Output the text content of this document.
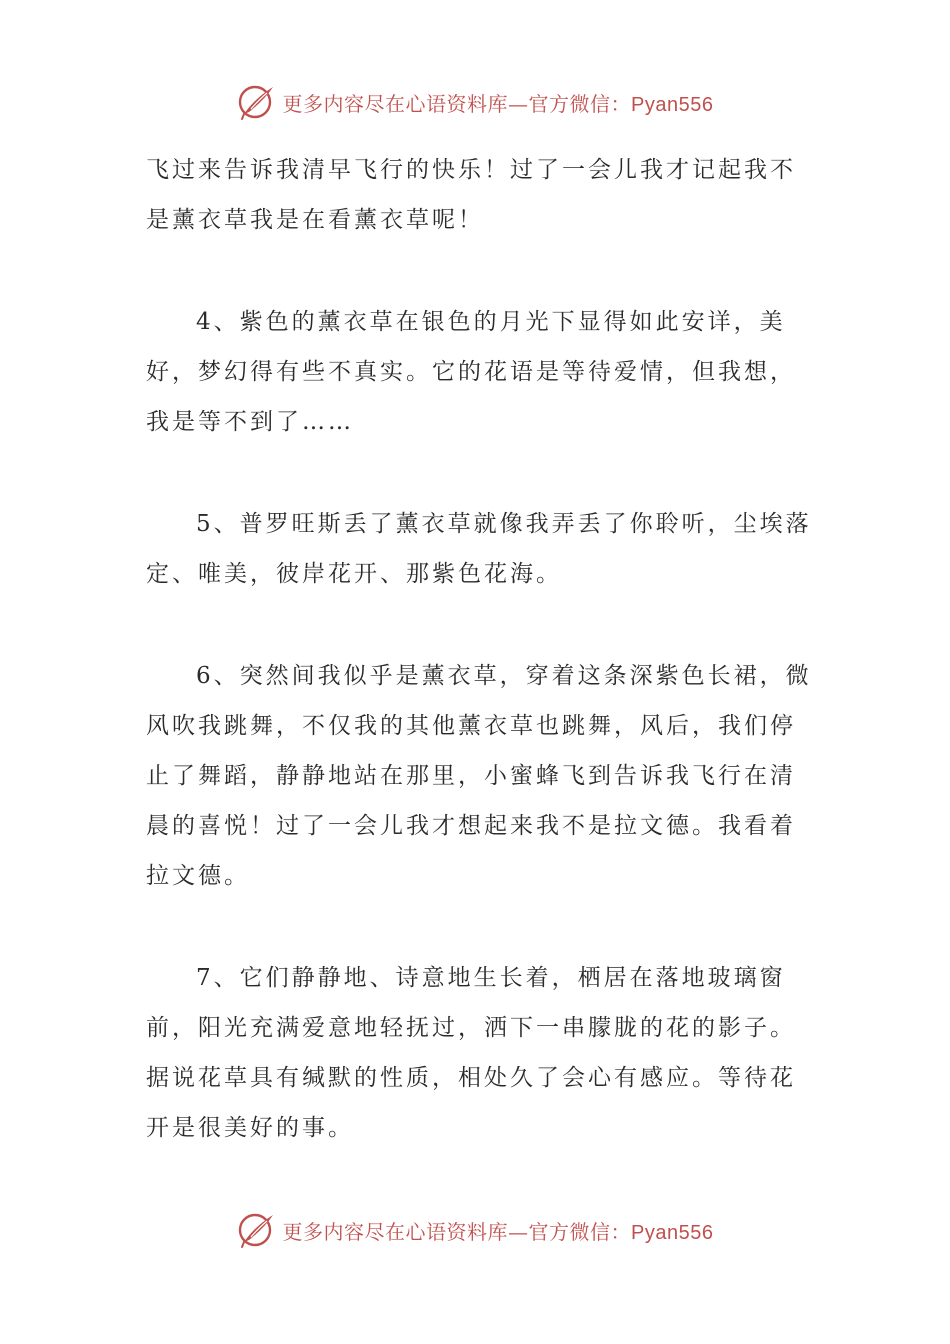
更多内容尽在心语资料库—官方微信：Pyan556

飞过来告诉我清早飞行的快乐！过了一会儿我才记起我不是薰衣草我是在看薰衣草呢！

4、紫色的薰衣草在银色的月光下显得如此安详，美好，梦幻得有些不真实。它的花语是等待爱情，但我想，我是等不到了……

5、普罗旺斯丢了薰衣草就像我弄丢了你聆听，尘埃落定、唯美，彼岸花开、那紫色花海。

6、突然间我似乎是薰衣草，穿着这条深紫色长裙，微风吹我跳舞，不仅我的其他薰衣草也跳舞，风后，我们停止了舞蹈，静静地站在那里，小蜜蜂飞到告诉我飞行在清晨的喜悦！过了一会儿我才想起来我不是拉文德。我看着拉文德。

7、它们静静地、诗意地生长着，栖居在落地玻璃窗前，阳光充满爱意地轻抚过，洒下一串朦胧的花的影子。据说花草具有缄默的性质，相处久了会心有感应。等待花开是很美好的事。

更多内容尽在心语资料库—官方微信：Pyan556
